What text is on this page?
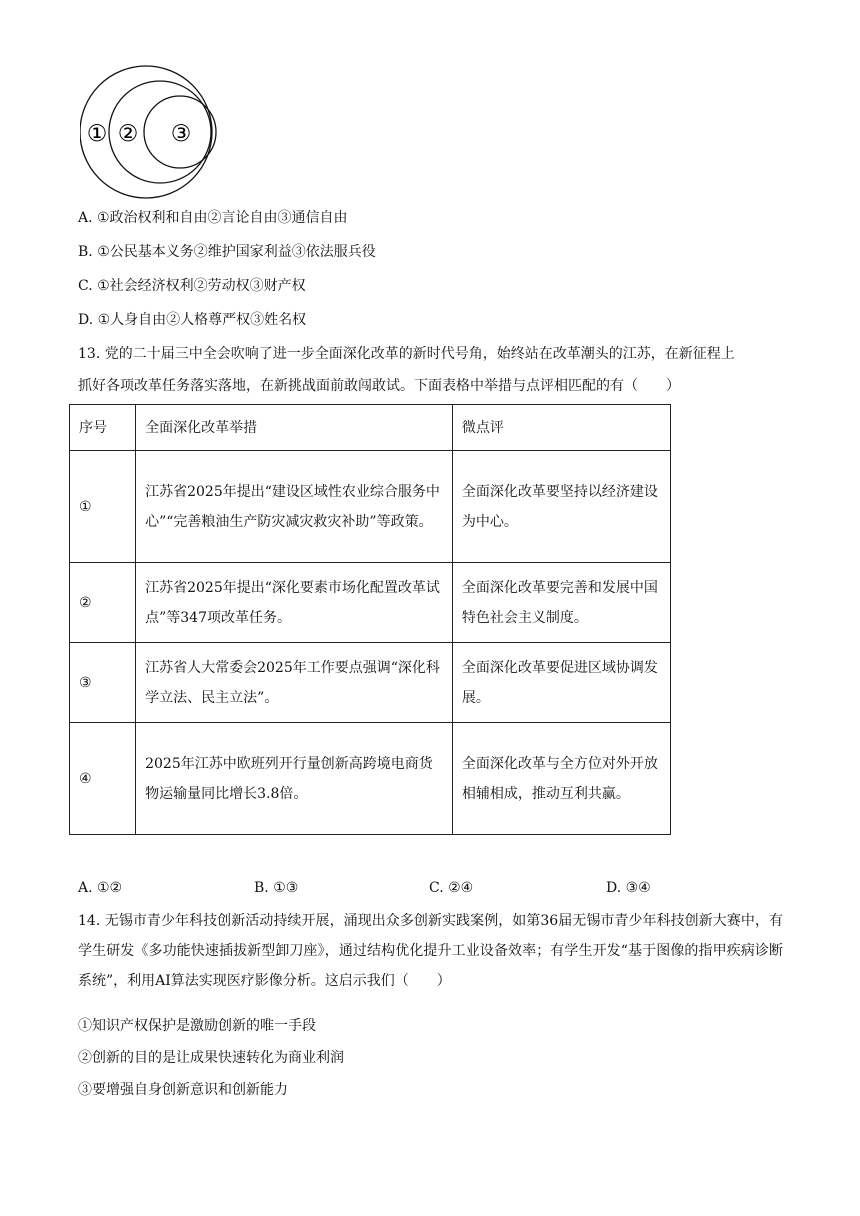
① ② ③
A. ①政治权利和自由②言论自由③通信自由
B. ①公民基本义务②维护国家利益③依法服兵役
C. ①社会经济权利②劳动权③财产权
D. ①人身自由②人格尊严权③姓名权
13. 党的二十届三中全会吹响了进一步全面深化改革的新时代号角，始终站在改革潮头的江苏，在新征程上
抓好各项改革任务落实落地，在新挑战面前敢闯敢试。下面表格中举措与点评相匹配的有（　　）
序号	全面深化改革举措	微点评
①	江苏省2025年提出“建设区域性农业综合服务中心”“完善粮油生产防灾减灾救灾补助”等政策。	全面深化改革要坚持以经济建设为中心。
②	江苏省2025年提出“深化要素市场化配置改革试点”等347项改革任务。	全面深化改革要完善和发展中国特色社会主义制度。
③	江苏省人大常委会2025年工作要点强调“深化科学立法、民主立法”。	全面深化改革要促进区域协调发展。
④	2025年江苏中欧班列开行量创新高跨境电商货物运输量同比增长3.8倍。	全面深化改革与全方位对外开放相辅相成，推动互利共赢。
A. ①②	B. ①③	C. ②④	D. ③④
14. 无锡市青少年科技创新活动持续开展，涌现出众多创新实践案例，如第36届无锡市青少年科技创新大赛中，有学生研发《多功能快速插拔新型卸刀座》，通过结构优化提升工业设备效率；有学生开发“基于图像的指甲疾病诊断系统”，利用AI算法实现医疗影像分析。这启示我们（　　）
①知识产权保护是激励创新的唯一手段
②创新的目的是让成果快速转化为商业利润
③要增强自身创新意识和创新能力
